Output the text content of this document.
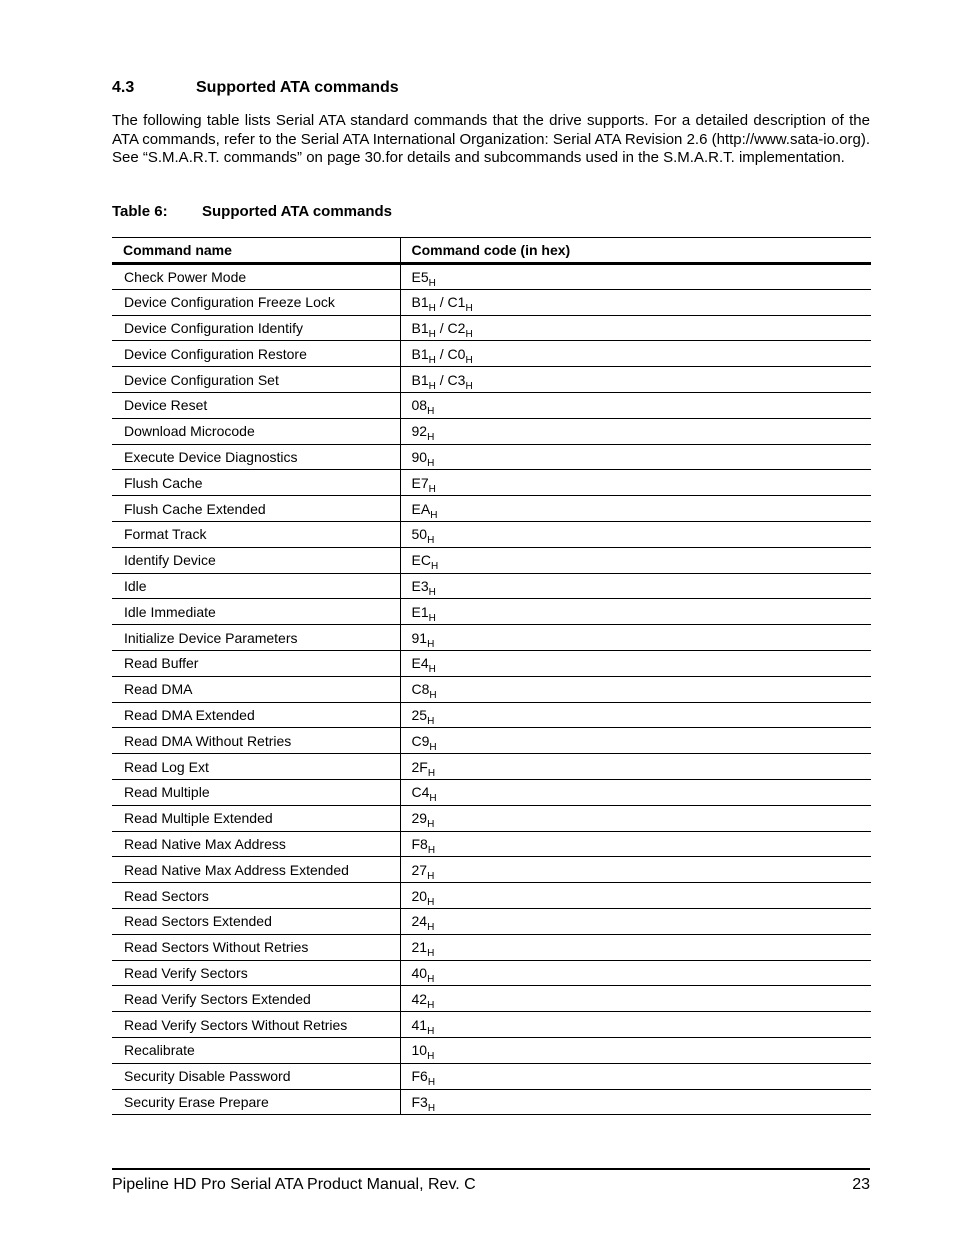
4.3	Supported ATA commands

The following table lists Serial ATA standard commands that the drive supports. For a detailed description of the ATA commands, refer to the Serial ATA International Organization: Serial ATA Revision 2.6 (http://www.sata-io.org). See “S.M.A.R.T. commands” on page 30.for details and subcommands used in the S.M.A.R.T. implementation.

Table 6:	Supported ATA commands
Command name	Command code (in hex)
Check Power Mode	$E5_H$
Device Configuration Freeze Lock	$B1_H / C1_H$
Device Configuration Identify	$B1_H / C2_H$
Device Configuration Restore	$B1_H / C0_H$
Device Configuration Set	$B1_H / C3_H$
Device Reset	$08_H$
Download Microcode	$92_H$
Execute Device Diagnostics	$90_H$
Flush Cache	$E7_H$
Flush Cache Extended	$EA_H$
Format Track	$50_H$
Identify Device	$EC_H$
Idle	$E3_H$
Idle Immediate	$E1_H$
Initialize Device Parameters	$91_H$
Read Buffer	$E4_H$
Read DMA	$C8_H$
Read DMA Extended	$25_H$
Read DMA Without Retries	$C9_H$
Read Log Ext	$2F_H$
Read Multiple	$C4_H$
Read Multiple Extended	$29_H$
Read Native Max Address	$F8_H$
Read Native Max Address Extended	$27_H$
Read Sectors	$20_H$
Read Sectors Extended	$24_H$
Read Sectors Without Retries	$21_H$
Read Verify Sectors	$40_H$
Read Verify Sectors Extended	$42_H$
Read Verify Sectors Without Retries	$41_H$
Recalibrate	$10_H$
Security Disable Password	$F6_H$
Security Erase Prepare	$F3_H$
Pipeline HD Pro Serial ATA Product Manual, Rev. C	23
